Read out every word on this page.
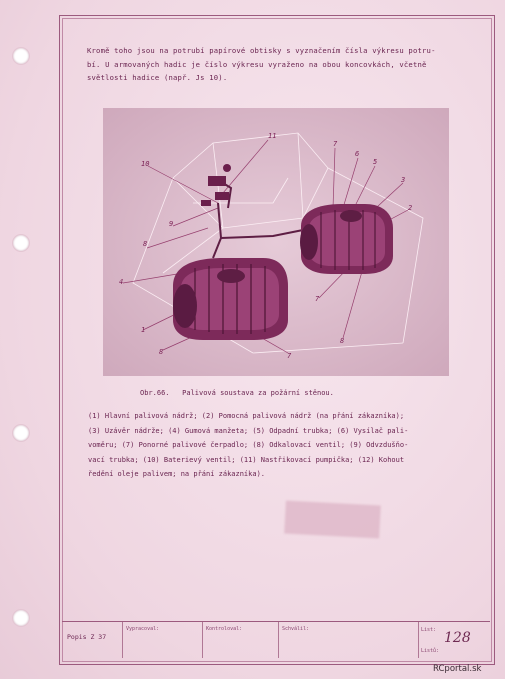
Kromě toho jsou na potrubí papírové obtisky s vyznačením čísla výkresu potru-
bí. U armovaných hadic je číslo výkresu vyraženo na obou koncovkách, včetně
světlosti hadice (např. Js 10).

10
11
9
8
7
6
5
1
4
3
2
7
8	7
8

Obr.66.   Palivová soustava za požární stěnou.

(1) Hlavní palivová nádrž; (2) Pomocná palivová nádrž (na přání zákazníka);
(3) Uzávěr nádrže; (4) Gumová manžeta; (5) Odpadní trubka; (6) Vysílač pali-
voměru; (7) Ponorné palivové čerpadlo; (8) Odkalovací ventil; (9) Odvzdušňo-
vací trubka; (10) Baterievý ventil; (11) Nastřikovací pumpička; (12) Kohout
ředění oleje palivem; na přání zákazníka).

Popis Z 37
Vypracoval:	Kontroloval:	Schválil:	List: 128
Listů:
RCportal.sk
